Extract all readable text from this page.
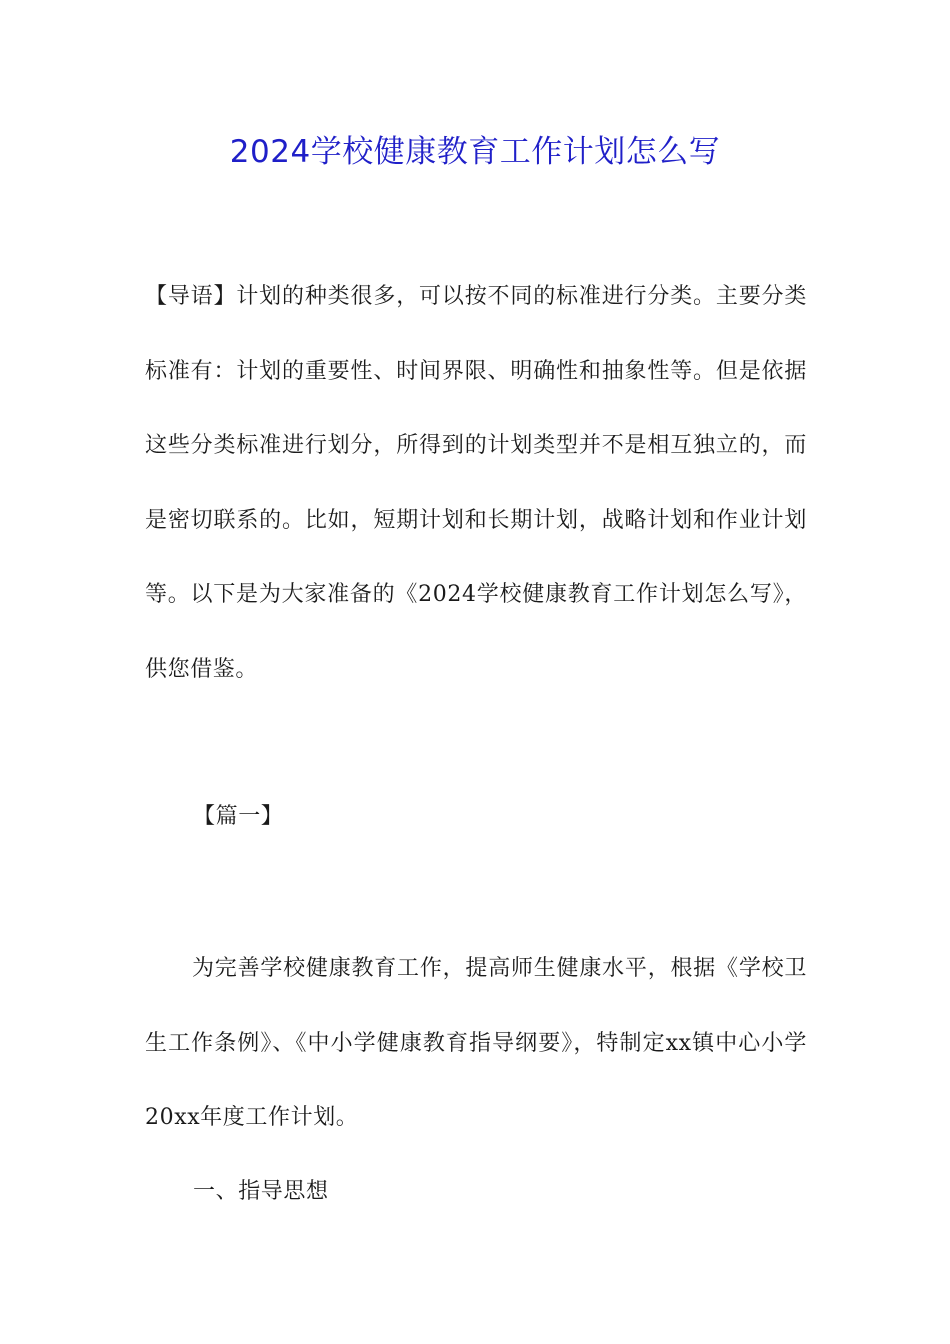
2024学校健康教育工作计划怎么写

【导语】计划的种类很多，可以按不同的标准进行分类。主要分类标准有：计划的重要性、时间界限、明确性和抽象性等。但是依据这些分类标准进行划分，所得到的计划类型并不是相互独立的，而是密切联系的。比如，短期计划和长期计划，战略计划和作业计划等。以下是为大家准备的《2024学校健康教育工作计划怎么写》，供您借鉴。

【篇一】

为完善学校健康教育工作，提高师生健康水平，根据《学校卫生工作条例》、《中小学健康教育指导纲要》，特制定xx镇中心小学20xx年度工作计划。

一、指导思想
